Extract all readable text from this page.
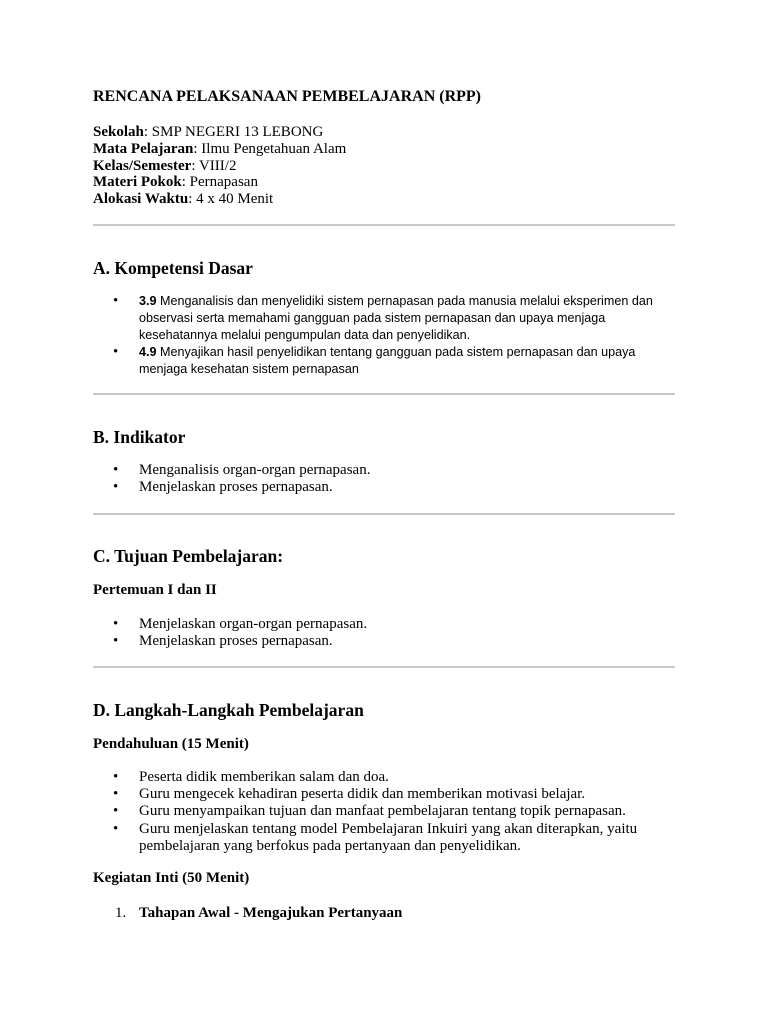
RENCANA PELAKSANAAN PEMBELAJARAN (RPP)
Sekolah: SMP NEGERI 13 LEBONG
Mata Pelajaran: Ilmu Pengetahuan Alam
Kelas/Semester: VIII/2
Materi Pokok: Pernapasan
Alokasi Waktu: 4 x 40 Menit
A. Kompetensi Dasar
• 3.9 Menganalisis dan menyelidiki sistem pernapasan pada manusia melalui eksperimen dan observasi serta memahami gangguan pada sistem pernapasan dan upaya menjaga kesehatannya melalui pengumpulan data dan penyelidikan.
• 4.9 Menyajikan hasil penyelidikan tentang gangguan pada sistem pernapasan dan upaya menjaga kesehatan sistem pernapasan
B. Indikator
• Menganalisis organ-organ pernapasan.
• Menjelaskan proses pernapasan.
C. Tujuan Pembelajaran:
Pertemuan I dan II
• Menjelaskan organ-organ pernapasan.
• Menjelaskan proses pernapasan.
D. Langkah-Langkah Pembelajaran
Pendahuluan (15 Menit)
• Peserta didik memberikan salam dan doa.
• Guru mengecek kehadiran peserta didik dan memberikan motivasi belajar.
• Guru menyampaikan tujuan dan manfaat pembelajaran tentang topik pernapasan.
• Guru menjelaskan tentang model Pembelajaran Inkuiri yang akan diterapkan, yaitu pembelajaran yang berfokus pada pertanyaan dan penyelidikan.
Kegiatan Inti (50 Menit)
1. Tahapan Awal - Mengajukan Pertanyaan
